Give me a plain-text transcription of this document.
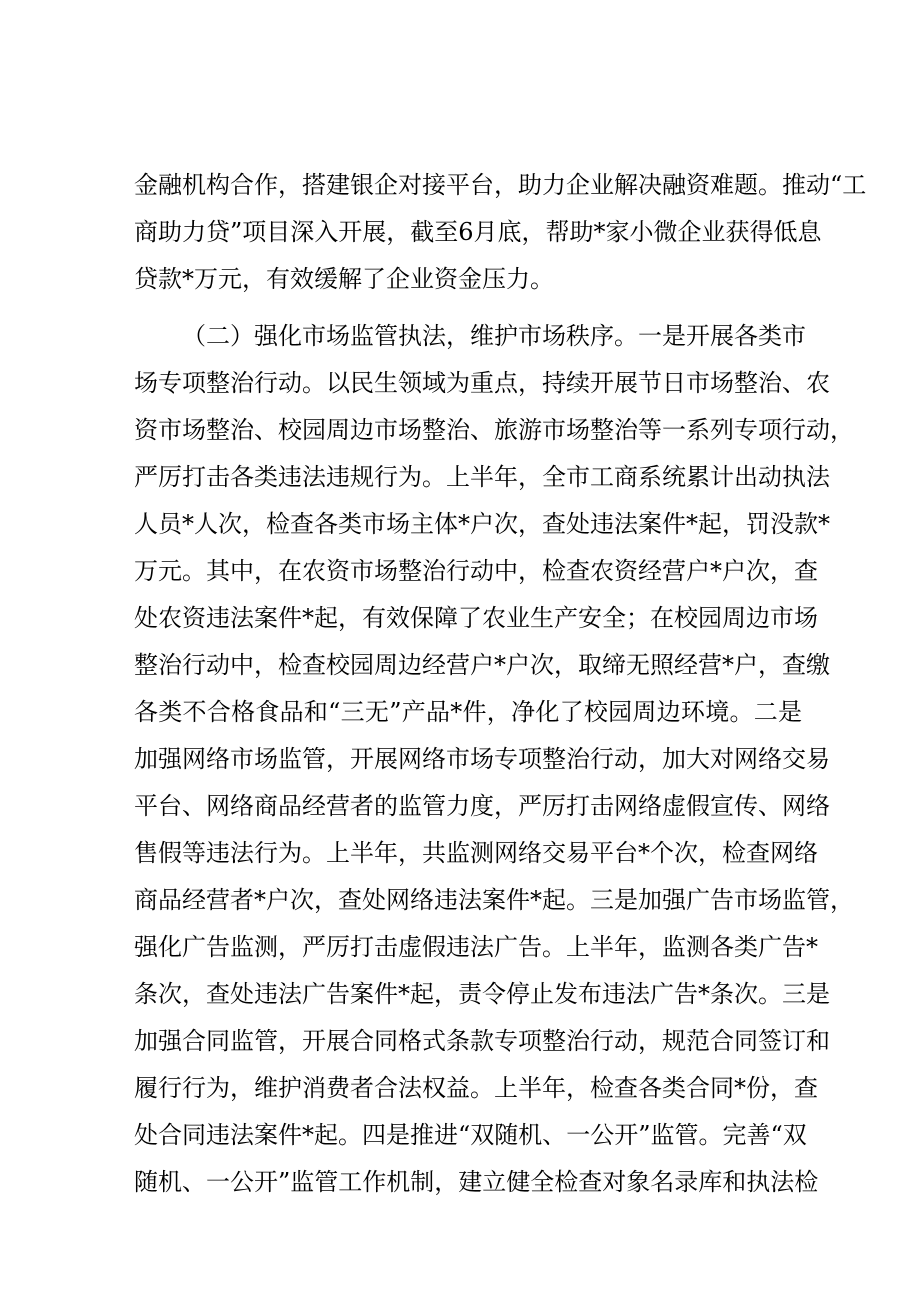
金融机构合作，搭建银企对接平台，助力企业解决融资难题。推动“工
商助力贷”项目深入开展，截至6月底，帮助*家小微企业获得低息
贷款*万元，有效缓解了企业资金压力。
（二）强化市场监管执法，维护市场秩序。一是开展各类市
场专项整治行动。以民生领域为重点，持续开展节日市场整治、农
资市场整治、校园周边市场整治、旅游市场整治等一系列专项行动，
严厉打击各类违法违规行为。上半年，全市工商系统累计出动执法
人员*人次，检查各类市场主体*户次，查处违法案件*起，罚没款*
万元。其中，在农资市场整治行动中，检查农资经营户*户次，查
处农资违法案件*起，有效保障了农业生产安全；在校园周边市场
整治行动中，检查校园周边经营户*户次，取缔无照经营*户，查缴
各类不合格食品和“三无”产品*件，净化了校园周边环境。二是
加强网络市场监管，开展网络市场专项整治行动，加大对网络交易
平台、网络商品经营者的监管力度，严厉打击网络虚假宣传、网络
售假等违法行为。上半年，共监测网络交易平台*个次，检查网络
商品经营者*户次，查处网络违法案件*起。三是加强广告市场监管，
强化广告监测，严厉打击虚假违法广告。上半年，监测各类广告*
条次，查处违法广告案件*起，责令停止发布违法广告*条次。三是
加强合同监管，开展合同格式条款专项整治行动，规范合同签订和
履行行为，维护消费者合法权益。上半年，检查各类合同*份，查
处合同违法案件*起。四是推进“双随机、一公开”监管。完善“双
随机、一公开”监管工作机制，建立健全检查对象名录库和执法检
